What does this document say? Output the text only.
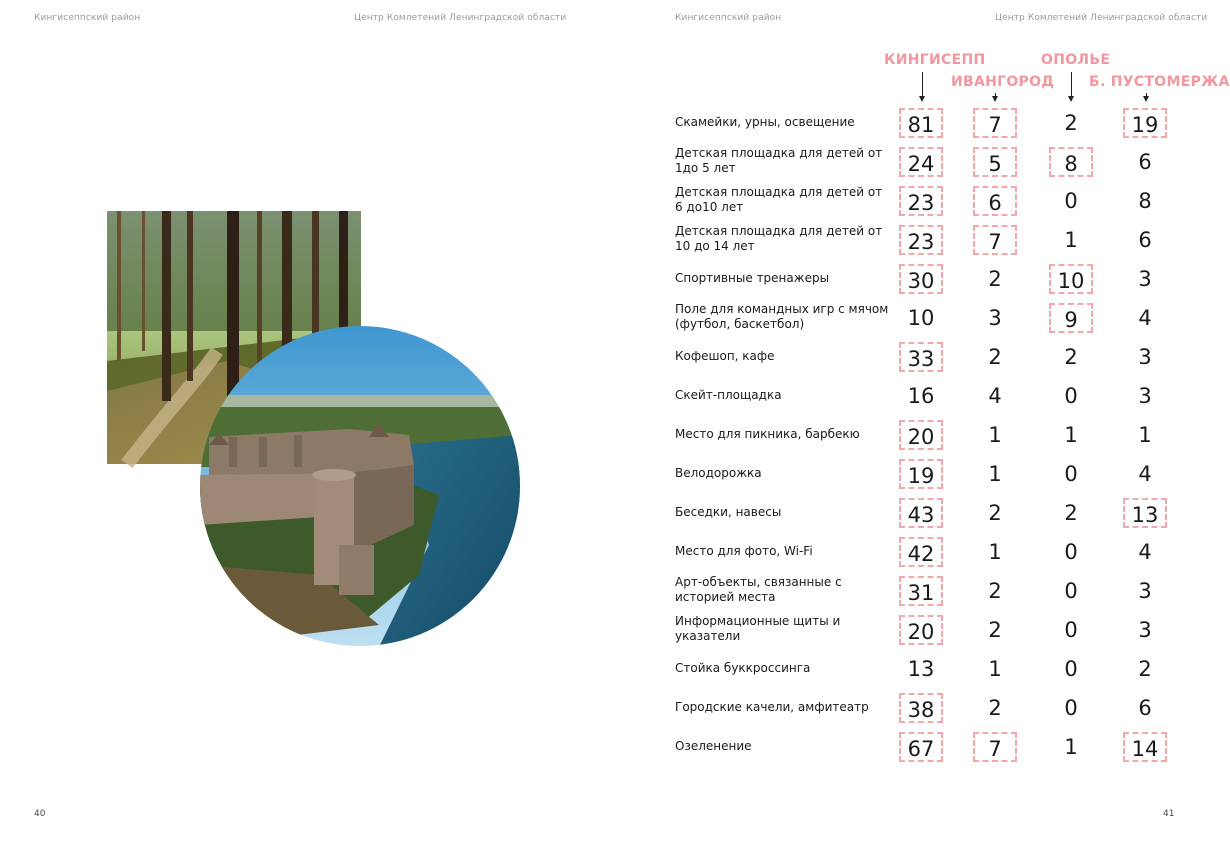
Кингисеппский район	Центр Комлетений Ленинградской области	Кингисеппский район	Центр Комлетений Ленинградской области
40	41
КИНГИСЕПП
ИВАНГОРОД
ОПОЛЬЕ
Б. ПУСТОМЕРЖА
Скамейки, урны, освещение	81	7	2	19
Детская площадка для детей от 1до 5 лет	24	5	8	6
Детская площадка для детей от 6 до10 лет	23	6	0	8
Детская площадка для детей от 10 до 14 лет	23	7	1	6
Спортивные тренажеры	30	2	10	3
Поле для командных игр с мячом (футбол, баскетбол)	10	3	9	4
Кофешоп, кафе	33	2	2	3
Скейт-площадка	16	4	0	3
Место для пикника, барбекю	20	1	1	1
Велодорожка	19	1	0	4
Беседки, навесы	43	2	2	13
Место для фото, Wi-Fi	42	1	0	4
Арт-объекты, связанные с историей места	31	2	0	3
Информационные щиты и указатели	20	2	0	3
Стойка буккроссинга	13	1	0	2
Городские качели, амфитеатр	38	2	0	6
Озеленение	67	7	1	14
